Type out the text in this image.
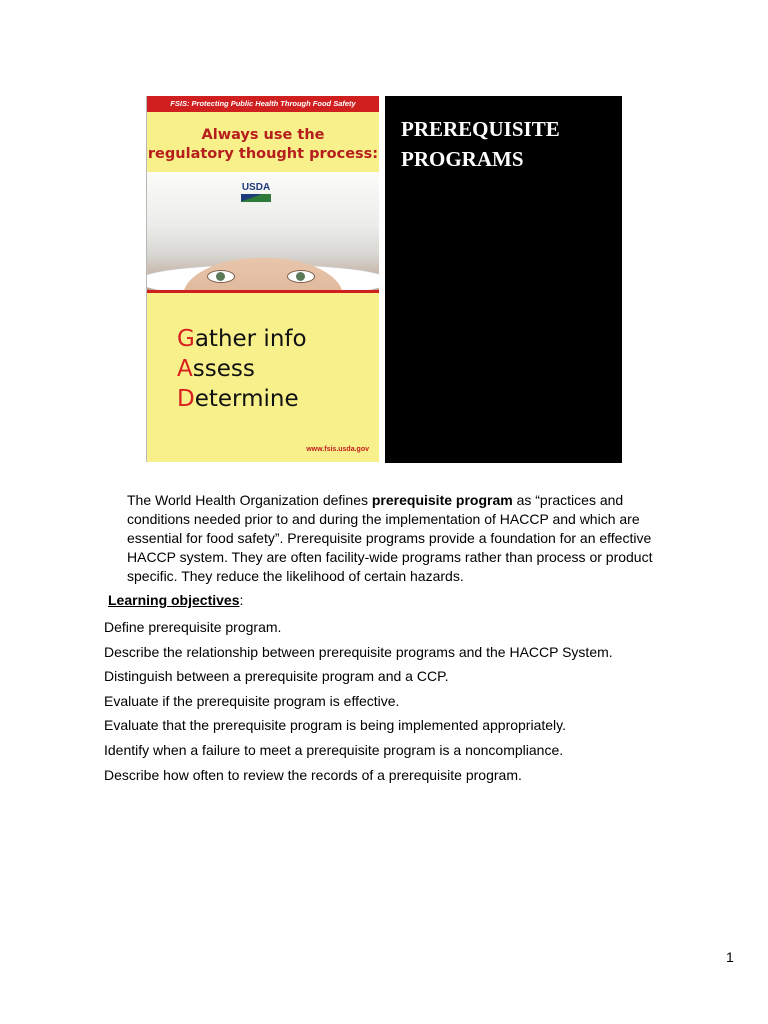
FSIS: Protecting Public Health Through Food Safety
Always use the
regulatory thought process:
USDA
Gather info
Assess
Determine
www.fsis.usda.gov
PREREQUISITE
PROGRAMS
The World Health Organization defines prerequisite program as “practices and conditions needed prior to and during the implementation of HACCP and which are essential for food safety”. Prerequisite programs provide a foundation for an effective HACCP system. They are often facility-wide programs rather than process or product specific. They reduce the likelihood of certain hazards.
Learning objectives:
Define prerequisite program.
Describe the relationship between prerequisite programs and the HACCP System.
Distinguish between a prerequisite program and a CCP.
Evaluate if the prerequisite program is effective.
Evaluate that the prerequisite program is being implemented appropriately.
Identify when a failure to meet a prerequisite program is a noncompliance.
Describe how often to review the records of a prerequisite program.
1
